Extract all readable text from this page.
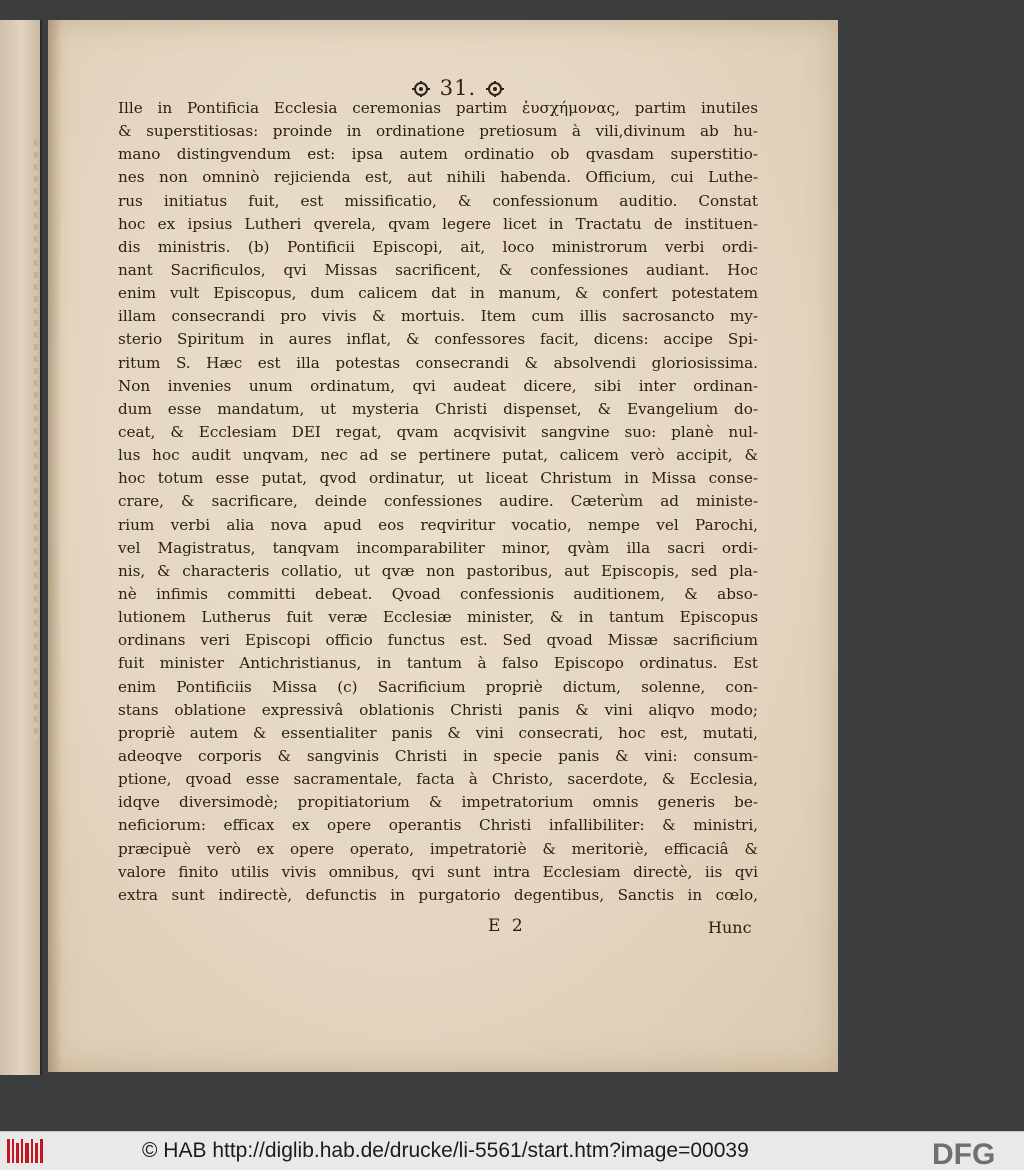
31.
Ille in Pontificia Ecclesia ceremonias partim ἐυσχήμονας, partim inutiles
& superstitiosas: proinde in ordinatione pretiosum à vili,divinum ab hu-
mano distingvendum est: ipsa autem ordinatio ob qvasdam superstitio-
nes non omninò rejicienda est, aut nihili habenda. Officium, cui Luthe-
rus initiatus fuit, est missificatio, & confessionum auditio. Constat
hoc ex ipsius Lutheri qverela, qvam legere licet in Tractatu de instituen-
dis ministris. (b) Pontificii Episcopi, ait, loco ministrorum verbi ordi-
nant Sacrificulos, qvi Missas sacrificent, & confessiones audiant. Hoc
enim vult Episcopus, dum calicem dat in manum, & confert potestatem
illam consecrandi pro vivis & mortuis. Item cum illis sacrosancto my-
sterio Spiritum in aures inflat, & confessores facit, dicens: accipe Spi-
ritum S. Hæc est illa potestas consecrandi & absolvendi gloriosissima.
Non invenies unum ordinatum, qvi audeat dicere, sibi inter ordinan-
dum esse mandatum, ut mysteria Christi dispenset, & Evangelium do-
ceat, & Ecclesiam DEI regat, qvam acqvisivit sangvine suo: planè nul-
lus hoc audit unqvam, nec ad se pertinere putat, calicem verò accipit, &
hoc totum esse putat, qvod ordinatur, ut liceat Christum in Missa conse-
crare, & sacrificare, deinde confessiones audire. Cæterùm ad ministe-
rium verbi alia nova apud eos reqviritur vocatio, nempe vel Parochi,
vel Magistratus, tanqvam incomparabiliter minor, qvàm illa sacri ordi-
nis, & characteris collatio, ut qvæ non pastoribus, aut Episcopis, sed pla-
nè infimis committi debeat. Qvoad confessionis auditionem, & abso-
lutionem Lutherus fuit veræ Ecclesiæ minister, & in tantum Episcopus
ordinans veri Episcopi officio functus est. Sed qvoad Missæ sacrificium
fuit minister Antichristianus, in tantum à falso Episcopo ordinatus. Est
enim Pontificiis Missa (c) Sacrificium propriè dictum, solenne, con-
stans oblatione expressivâ oblationis Christi panis & vini aliqvo modo;
propriè autem & essentialiter panis & vini consecrati, hoc est, mutati,
adeoqve corporis & sangvinis Christi in specie panis & vini: consum-
ptione, qvoad esse sacramentale, facta à Christo, sacerdote, & Ecclesia,
idqve diversimodè; propitiatorium & impetratorium omnis generis be-
neficiorum: efficax ex opere operantis Christi infallibiliter: & ministri,
præcipuè verò ex opere operato, impetratoriè & meritoriè, efficaciâ &
valore finito utilis vivis omnibus, qvi sunt intra Ecclesiam directè, iis qvi
extra sunt indirectè, defunctis in purgatorio degentibus, Sanctis in cœlo,
E 2	Hunc
© HAB http://diglib.hab.de/drucke/li-5561/start.htm?image=00039	DFG
